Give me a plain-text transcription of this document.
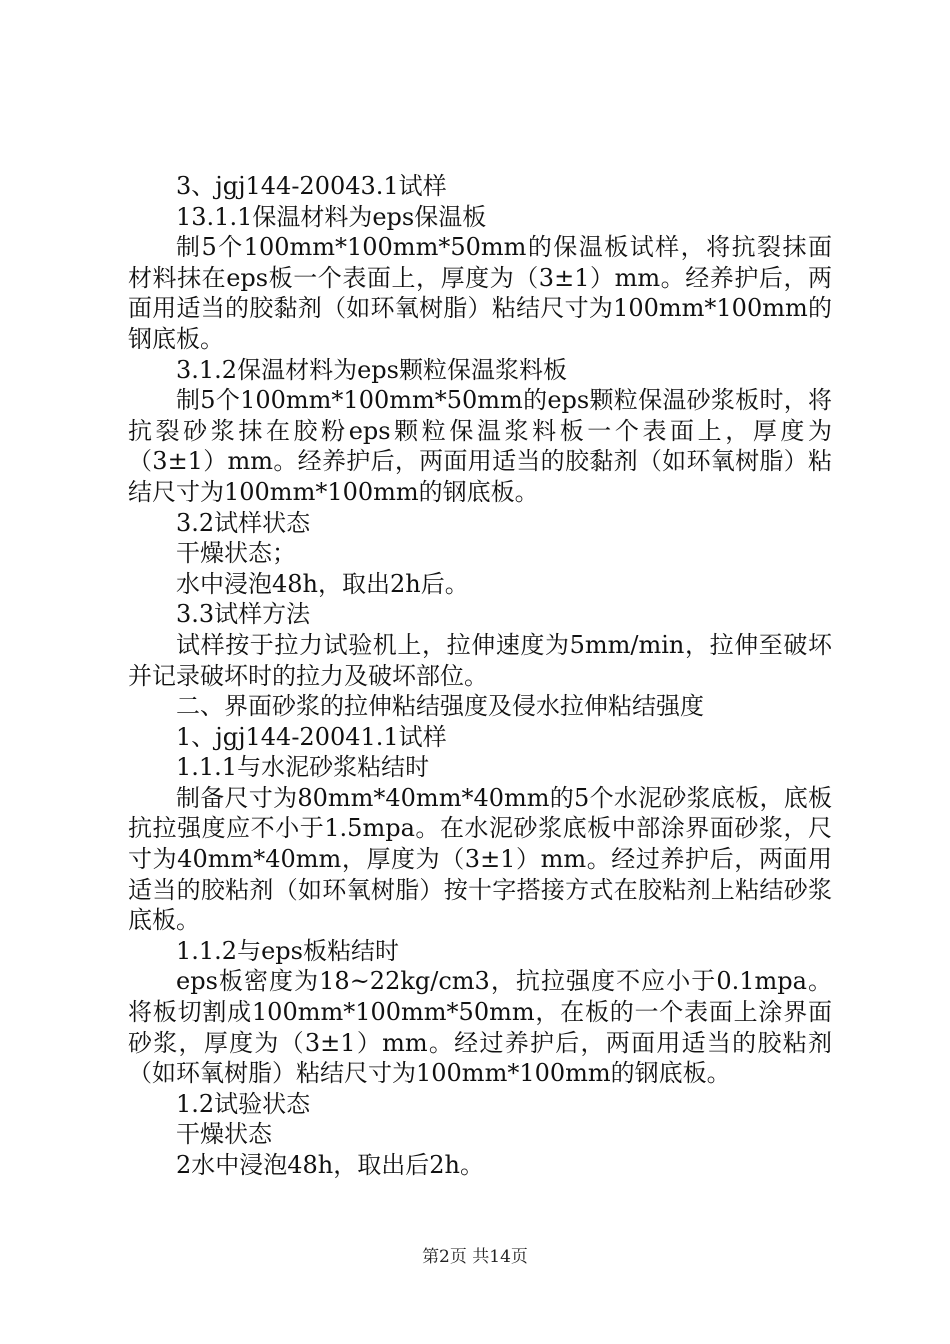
3、jgj144-20043.1试样

13.1.1保温材料为eps保温板

制5个100mm*100mm*50mm的保温板试样，将抗裂抹面材料抹在eps板一个表面上，厚度为（3±1）mm。经养护后，两面用适当的胶黏剂（如环氧树脂）粘结尺寸为100mm*100mm的钢底板。

3.1.2保温材料为eps颗粒保温浆料板

制5个100mm*100mm*50mm的eps颗粒保温砂浆板时，将抗裂砂浆抹在胶粉eps颗粒保温浆料板一个表面上，厚度为（3±1）mm。经养护后，两面用适当的胶黏剂（如环氧树脂）粘结尺寸为100mm*100mm的钢底板。

3.2试样状态

干燥状态；

水中浸泡48h，取出2h后。

3.3试样方法

试样按于拉力试验机上，拉伸速度为5mm/min，拉伸至破坏并记录破坏时的拉力及破坏部位。

二、界面砂浆的拉伸粘结强度及侵水拉伸粘结强度

1、jgj144-20041.1试样

1.1.1与水泥砂浆粘结时

制备尺寸为80mm*40mm*40mm的5个水泥砂浆底板，底板抗拉强度应不小于1.5mpa。在水泥砂浆底板中部涂界面砂浆，尺寸为40mm*40mm，厚度为（3±1）mm。经过养护后，两面用适当的胶粘剂（如环氧树脂）按十字搭接方式在胶粘剂上粘结砂浆底板。

1.1.2与eps板粘结时

eps板密度为18~22kg/cm3，抗拉强度不应小于0.1mpa。将板切割成100mm*100mm*50mm，在板的一个表面上涂界面砂浆，厚度为（3±1）mm。经过养护后，两面用适当的胶粘剂（如环氧树脂）粘结尺寸为100mm*100mm的钢底板。

1.2试验状态

干燥状态

2水中浸泡48h，取出后2h。

第2页 共14页
